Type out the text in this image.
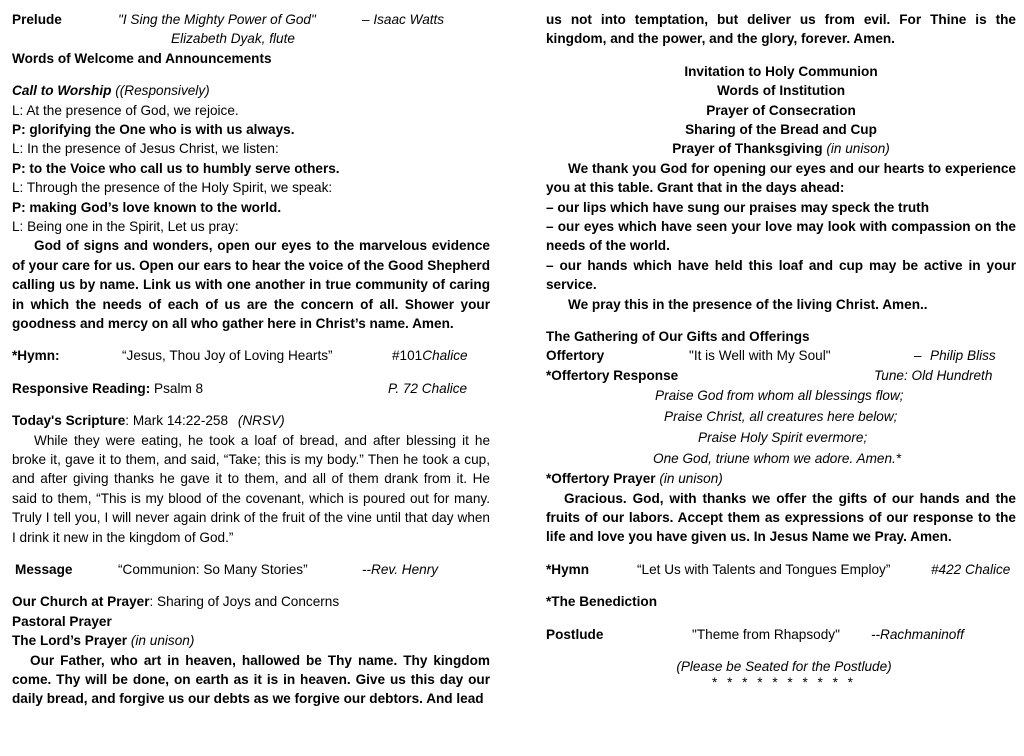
Prelude	"I Sing the Mighty Power of God"	– Isaac Watts
Elizabeth Dyak, flute
Words of Welcome and Announcements
Call to Worship ((Responsively)
L: At the presence of God, we rejoice.
P: glorifying the One who is with us always.
L: In the presence of Jesus Christ, we listen:
P: to the Voice who call us to humbly serve others.
L: Through the presence of the Holy Spirit, we speak:
P: making God’s love known to the world.
L: Being one in the Spirit, Let us pray:
God of signs and wonders, open our eyes to the marvelous evidence of your care for us. Open our ears to hear the voice of the Good Shepherd calling us by name. Link us with one another in true community of caring in which the needs of each of us are the concern of all. Shower your goodness and mercy on all who gather here in Christ’s name. Amen.
*Hymn:	“Jesus, Thou Joy of Loving Hearts”	#101Chalice
Responsive Reading: Psalm 8	P. 72 Chalice
Today's Scripture: Mark 14:22-258 (NRSV)
While they were eating, he took a loaf of bread, and after blessing it he broke it, gave it to them, and said, “Take; this is my body.” Then he took a cup, and after giving thanks he gave it to them, and all of them drank from it. He said to them, “This is my blood of the covenant, which is poured out for many. Truly I tell you, I will never again drink of the fruit of the vine until that day when I drink it new in the kingdom of God.”
Message	“Communion: So Many Stories”	--Rev. Henry
Our Church at Prayer: Sharing of Joys and Concerns
Pastoral Prayer
The Lord’s Prayer (in unison)
Our Father, who art in heaven, hallowed be Thy name. Thy kingdom come. Thy will be done, on earth as it is in heaven. Give us this day our daily bread, and forgive us our debts as we forgive our debtors. And lead
us not into temptation, but deliver us from evil. For Thine is the kingdom, and the power, and the glory, forever. Amen.
Invitation to Holy Communion
Words of Institution
Prayer of Consecration
Sharing of the Bread and Cup
Prayer of Thanksgiving (in unison)
We thank you God for opening our eyes and our hearts to experience you at this table. Grant that in the days ahead:
– our lips which have sung our praises may speck the truth
– our eyes which have seen your love may look with compassion on the needs of the world.
– our hands which have held this loaf and cup may be active in your service.
We pray this in the presence of the living Christ. Amen..
The Gathering of Our Gifts and Offerings
Offertory	"It is Well with My Soul"	– Philip Bliss
*Offertory Response	Tune: Old Hundreth
Praise God from whom all blessings flow;
Praise Christ, all creatures here below;
Praise Holy Spirit evermore;
One God, triune whom we adore. Amen.*
*Offertory Prayer (in unison)
Gracious. God, with thanks we offer the gifts of our hands and the fruits of our labors. Accept them as expressions of our response to the life and love you have given us. In Jesus Name we Pray. Amen.
*Hymn	“Let Us with Talents and Tongues Employ”	#422 Chalice
*The Benediction
Postlude	"Theme from Rhapsody" --Rachmaninoff
(Please be Seated for the Postlude)
* * * * * * * * * *
